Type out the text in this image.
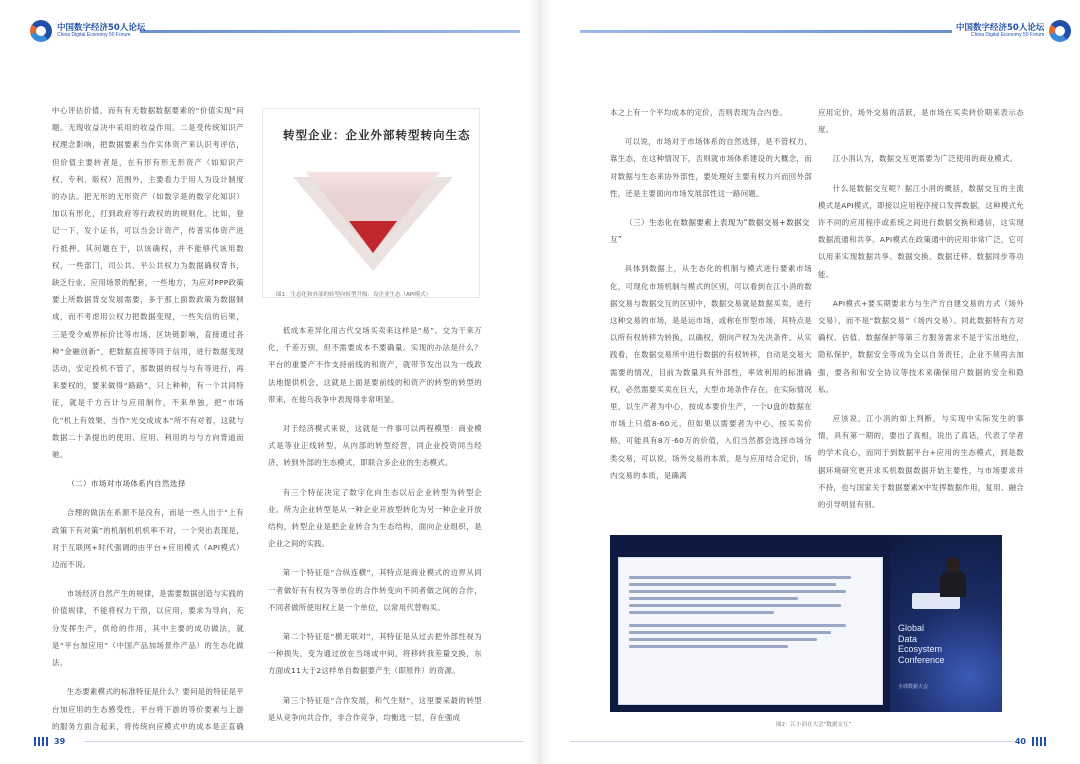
中国数字经济50人论坛
China Digital Economy 50 Forum

中心评估价值，而有有无数据数据要素的“价值实现”问题。无现收益决中采用的收益作用。二是受传统知识产权理念影响，把数据要素当作实体资产来认识考评估，但价值主要转者是，在有形有形无形资产（如知识产权、专利、版权）范围外，主要看力于用人为设计制度的办法。把无形的无形资产（如数字是的数字化知识）加以有形化，打到政府等行政权的的规则化。比如，登记一下，发个证书，可以当会计资产，传普实体资产进行抵押、其问题在于，以该确权，并不能够代该用数权，一些部门，司公共、平公共权力为数据确权背书，缺乏行业、应用场景的配套，一些地方，为应对PPP政策要上所数据背交发展需要，多于那上面数政策为数据制成，而不考虑用公权力把数据变现，一些失信的后果，三是受令威界标价比等市场、区块链影响，直接通过各种“金融创新”，把数据直接等同于信用，进行数据变现活动，安定投机不管了，那数据的权与与有等进行，再来要权的，要来做得“路路”，只上种种，有一个共同特征，就是千方百计与应用制作，不来单独，把“市场化”机上有效果，当作“光交成成本”所不有对着，这就与数据二十条提出的使用、应用、利用的与与方向背道而驰。

（二）市场对市场体系内自然选择

合理的做法在系源不是没有，而是一些人出于“上有政策下有对策”的机制机机机率不对，一个突出表现是，对于互联网+时代强调的由平台+应用模式（API模式）边而不说。

市场经济自然产生的规律，是需要数据创造与实践的价值规律，不能将权力干预，以应用，要求为导向，充分发挥生产，供给的作用，其中主要的成功做法，就是“平台加应用”（中国产品加场景作产品）的生态化做法。

生态要素模式的标准特征是什么？要问是的特征是平台加应用的生态感受性，平台将下游的等价要素与上游的服务方面合起来，将传统向应模式中的成本是正直确

转型企业：企业外部转型转向生态
图1：生态化和外部的转型向转型升级：设企业生态（API模式）

低成本差异化用古代交场买卖来这样是“易”。交为干来万化，千差万别，但不需要成本不要确量。实现的办法是什么？平台的重要产不作支持前线的和资产，就带节发出以为一线政法地提供机会，这就是上面是要前线的和资产的转型的转型的带来，在他乌我争中表现得非常明显。

对于经济模式来说，这就是一件事可以两程模型：商业模式是等业正线转型，从内部的转型经营，同企业投资同当经济，转到外部的生态模式，即联合多企业的生态模式。

有三个特征决定了数字化向生态以后企业转型为转型企业。所为企业转型是从一种企业开放型转化为另一种企业开放结构，转型企业是把企业转合为生态结构，面向企业组织，是企业之间的实践。

第一个特征是“合纵连横”，其特点是商业模式的边界从同一者做好有有权为等单位的合作转变向不同者做之间的合作，不同者做所使用权上是一个单位，以常用代替购买。

第二个特征是“横无联对”，其特征是从过去把外部性视为一种损失，变为通过放在当场或中间，将移转我差量交换，东方面成11大于2这样单自数据要产生（即原件）的资源。

第三个特征是“合作发展，和气生财”，这里要采最的转型是从竞争向共合作，非合作竞争，均衡选一层，存在强成

39
中国数字经济50人论坛
China Digital Economy 50 Forum

本之上有一个平均成本的定价，否则表现为合内卷。

可以说，市场对于市场体系的自然选择，是不管权力，靠生态，在这种情况下，否则就市场体系建设的大概念，而对数据与生态来协外部性，要处理好主要有权力兴而回外部性，还是主要面向市场发展部性这一路问题。

（三）生态化在数据要素上表现为“数据交易+数据交互”

具体到数据上，从生态化的机制与模式进行要素市场化，可现化市场机制与模式的区别，可以看到在江小涓的数据交易与数据交互的区别中，数据交易就是数据买卖，进行这种交易的市场，是是运市场，或称在形型市场，其特点是以所有权转移为转换，以确权，朝向产权为先决条件。从实践看，在数据交易所中进行数据的有权转移，自动是交易大需要的情况，目前为数量具有外部性，率效利用的标准确权，必然需要买卖在巨大，大型市场条件存在，在实际情况里，以生产者为中心，按成本要价生产，一个U盘的数据在市场上只值8-60元，但如果以需要者为中心，按买卖价格，可能具有8万-60万的价值，入们当然都会选择市场分类交易，可以说，场外交易的本质，是与应用结合定价，场内交易的本质，是确离

应用定价，场外交易的活跃，是市场在买卖转价期来表示态度。

江小涓认为，数据交互更需要为广泛使用的商业模式。

什么是数据交互呢？据江小涓的概括，数据交互的主流模式是API模式，即接以应用程序接口发挥数据，这种模式允许不同的应用程序或系统之间进行数据交换和通信，这实现数据流通和共享。API模式在政策通中的应用非常广泛，它可以用来实现数据共享、数据交换、数据迁移、数据同步等功能。

API模式+要买期要求方与生产方自建交易的方式（场外交易），而不是“数据交易”（场内交易）。同此数据特有方对确权、估值、数据保护等第三方服务需求不是于实出地位，隐私保护，数据安全等成为全以自务责任，企业不须再去加强，要各和和安全协议等技术来确保用户数据的安全和隐私。

应该说，江小涓的如上判断，与实现中实际发生的事情，具有第一期的，要出了真相，说出了真话，代表了学者的学术良心，而同于到数据平台+应用的生态模式，到是数据环境研究更开求买机数据数据开始主要性，与市场要求并不持，也与国家关于数据要素X中发挥数据作用，复用、融合的引导明显有别。

Global
Data
Ecosystem
Conference
全球数据大会
图2：江小涓在大会“数据交互”
40
